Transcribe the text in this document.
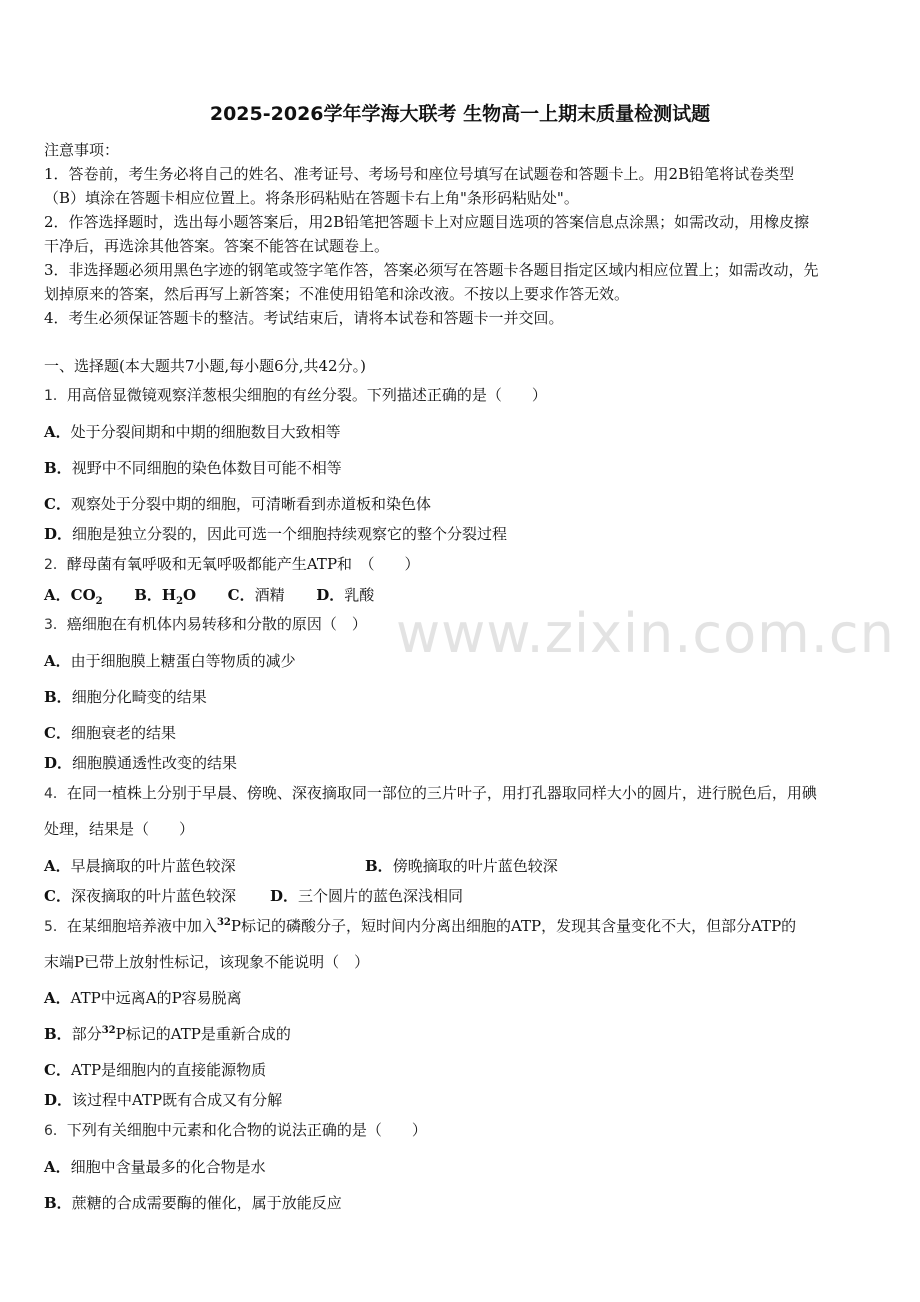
2025-2026学年学海大联考 生物高一上期末质量检测试题
注意事项：
1．答卷前，考生务必将自己的姓名、准考证号、考场号和座位号填写在试题卷和答题卡上。用2B铅笔将试卷类型
（B）填涂在答题卡相应位置上。将条形码粘贴在答题卡右上角"条形码粘贴处"。
2．作答选择题时，选出每小题答案后，用2B铅笔把答题卡上对应题目选项的答案信息点涂黑；如需改动，用橡皮擦
干净后，再选涂其他答案。答案不能答在试题卷上。
3．非选择题必须用黑色字迹的钢笔或签字笔作答，答案必须写在答题卡各题目指定区域内相应位置上；如需改动，先
划掉原来的答案，然后再写上新答案；不准使用铅笔和涂改液。不按以上要求作答无效。
4．考生必须保证答题卡的整洁。考试结束后，请将本试卷和答题卡一并交回。
一、选择题(本大题共7小题,每小题6分,共42分。)
1．用高倍显微镜观察洋葱根尖细胞的有丝分裂。下列描述正确的是（　　）
A．处于分裂间期和中期的细胞数目大致相等
B．视野中不同细胞的染色体数目可能不相等
C．观察处于分裂中期的细胞，可清晰看到赤道板和染色体
D．细胞是独立分裂的，因此可选一个细胞持续观察它的整个分裂过程
2．酵母菌有氧呼吸和无氧呼吸都能产生ATP和　（　　）
A．$CO_2$ B．$H_2O$ C．酒精 D．乳酸
www.zixin.com.cn
3．癌细胞在有机体内易转移和分散的原因（　）
A．由于细胞膜上糖蛋白等物质的减少
B．细胞分化畸变的结果
C．细胞衰老的结果
D．细胞膜通透性改变的结果
4．在同一植株上分别于早晨、傍晚、深夜摘取同一部位的三片叶子，用打孔器取同样大小的圆片，进行脱色后，用碘
处理，结果是（　　）
A．早晨摘取的叶片蓝色较深	B．傍晚摘取的叶片蓝色较深
C．深夜摘取的叶片蓝色较深 D．三个圆片的蓝色深浅相同
5．在某细胞培养液中加入$^{32}$P标记的磷酸分子，短时间内分离出细胞的ATP，发现其含量变化不大，但部分ATP的
末端P已带上放射性标记，该现象不能说明（　）
A．ATP中远离A的P容易脱离
B．部分$^{32}$P标记的ATP是重新合成的
C．ATP是细胞内的直接能源物质
D．该过程中ATP既有合成又有分解
6．下列有关细胞中元素和化合物的说法正确的是（　　）
A．细胞中含量最多的化合物是水
B．蔗糖的合成需要酶的催化，属于放能反应
